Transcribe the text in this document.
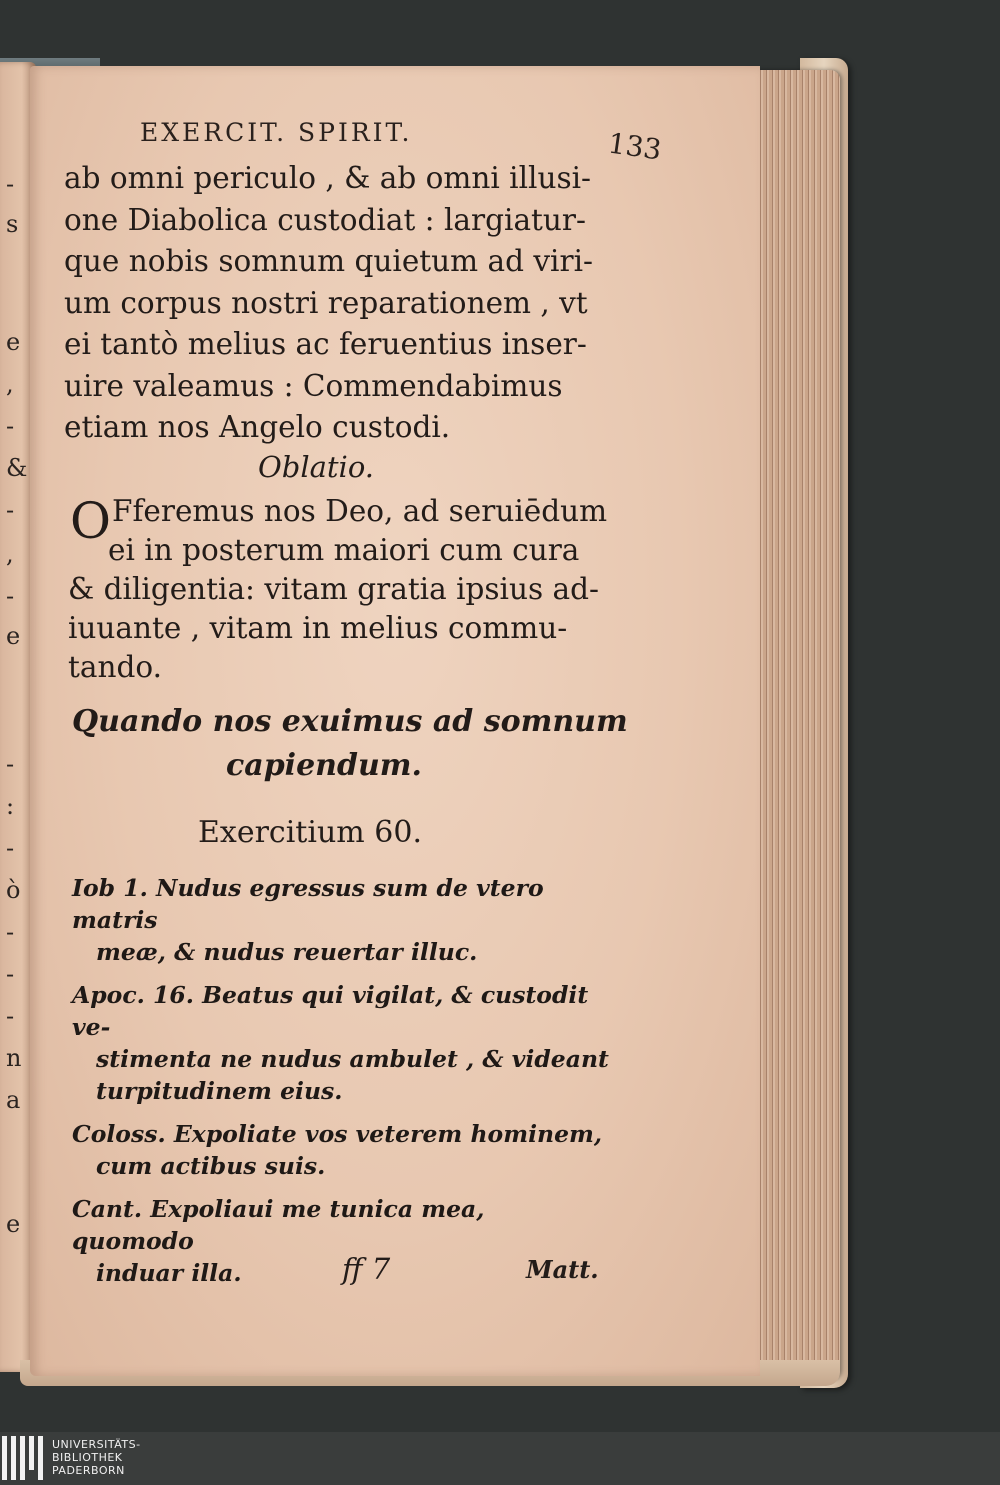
-
s
e
,
-
&
-
,
-
e
-
:
-
ò
-
-
-
n
a
e
EXERCIT. SPIRIT.	133
ab omni periculo , & ab omni illusi-
one Diabolica custodiat : largiatur-
que nobis somnum quietum ad viri-
um corpus nostri reparationem , vt
ei tantò melius ac feruentius inser-
uire valeamus : Commendabimus
etiam nos Angelo custodi.
Oblatio.
O Fferemus nos Deo, ad seruiēdum
ei in posterum maiori cum cura
& diligentia: vitam gratia ipsius ad-
iuuante , vitam in melius commu-
tando.
Quando nos exuimus ad somnum
capiendum.
Exercitium 60.
Iob 1. Nudus egressus sum de vtero matris
meæ, & nudus reuertar illuc.
Apoc. 16. Beatus qui vigilat, & custodit ve-
stimenta ne nudus ambulet , & videant
turpitudinem eius.
Coloss. Expoliate vos veterem hominem,
cum actibus suis.
Cant. Expoliaui me tunica mea, quomodo
induar illa.	ff 7	Matt.
UNIVERSITÄTS-
BIBLIOTHEK
PADERBORN
